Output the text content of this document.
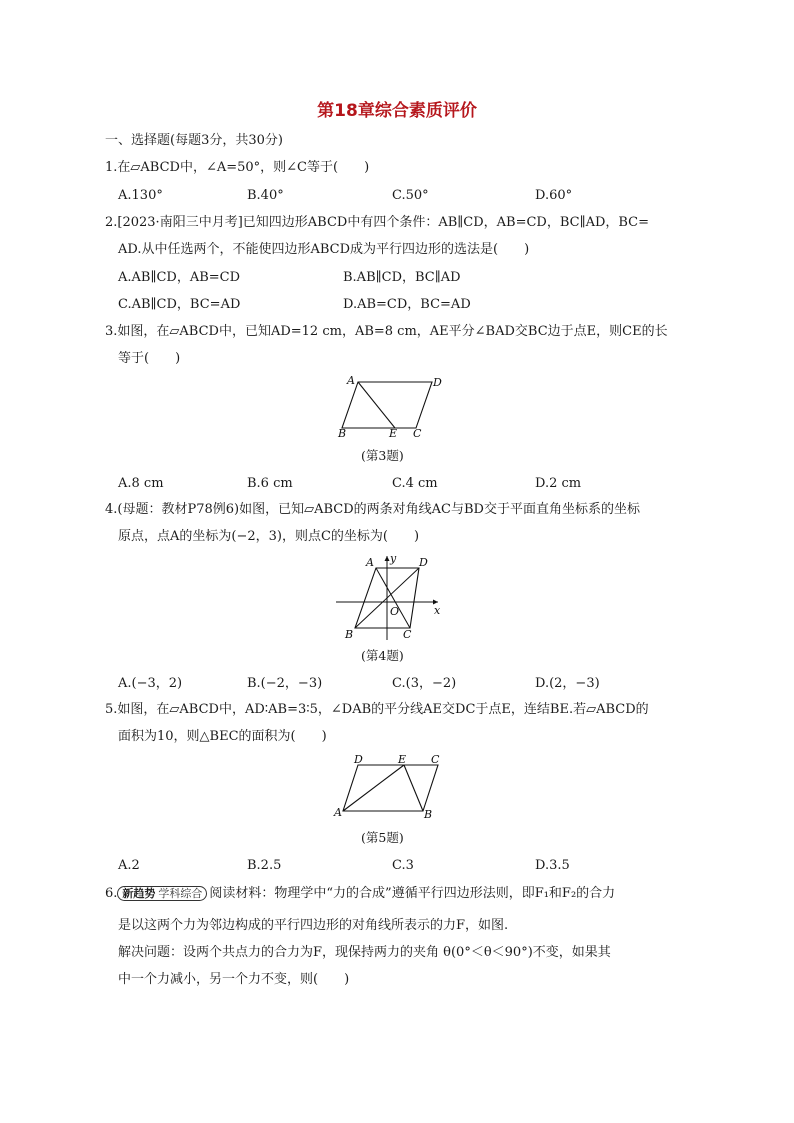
第18章综合素质评价
一、选择题(每题3分，共30分)
1.在▱ABCD中，∠A=50°，则∠C等于(　　)
A.130°	B.40°	C.50°	D.60°
2.[2023·南阳三中月考]已知四边形ABCD中有四个条件：AB∥CD，AB=CD，BC∥AD，BC=
AD.从中任选两个，不能使四边形ABCD成为平行四边形的选法是(　　)
A.AB∥CD，AB=CD	B.AB∥CD，BC∥AD
C.AB∥CD，BC=AD	D.AB=CD，BC=AD
3.如图，在▱ABCD中，已知AD=12 cm，AB=8 cm，AE平分∠BAD交BC边于点E，则CE的长
等于(　　)
A	D
B	E C
(第3题)
A.8 cm	B.6 cm	C.4 cm	D.2 cm
4.(母题：教材P78例6)如图，已知▱ABCD的两条对角线AC与BD交于平面直角坐标系的坐标
原点，点A的坐标为(−2，3)，则点C的坐标为(　　)
A y D
O	x
B	C
(第4题)
A.(−3，2)	B.(−2，−3)	C.(3，−2)	D.(2，−3)
5.如图，在▱ABCD中，AD∶AB=3∶5，∠DAB的平分线AE交DC于点E，连结BE.若▱ABCD的
面积为10，则△BEC的面积为(　　)
D	E C
A	B
(第5题)
A.2	B.2.5	C.3	D.3.5
6. 新趋势 学科综合 阅读材料：物理学中“力的合成”遵循平行四边形法则，即F₁和F₂的合力
是以这两个力为邻边构成的平行四边形的对角线所表示的力F，如图.
解决问题：设两个共点力的合力为F，现保持两力的夹角 θ(0°＜θ＜90°)不变，如果其
中一个力减小，另一个力不变，则(　　)
